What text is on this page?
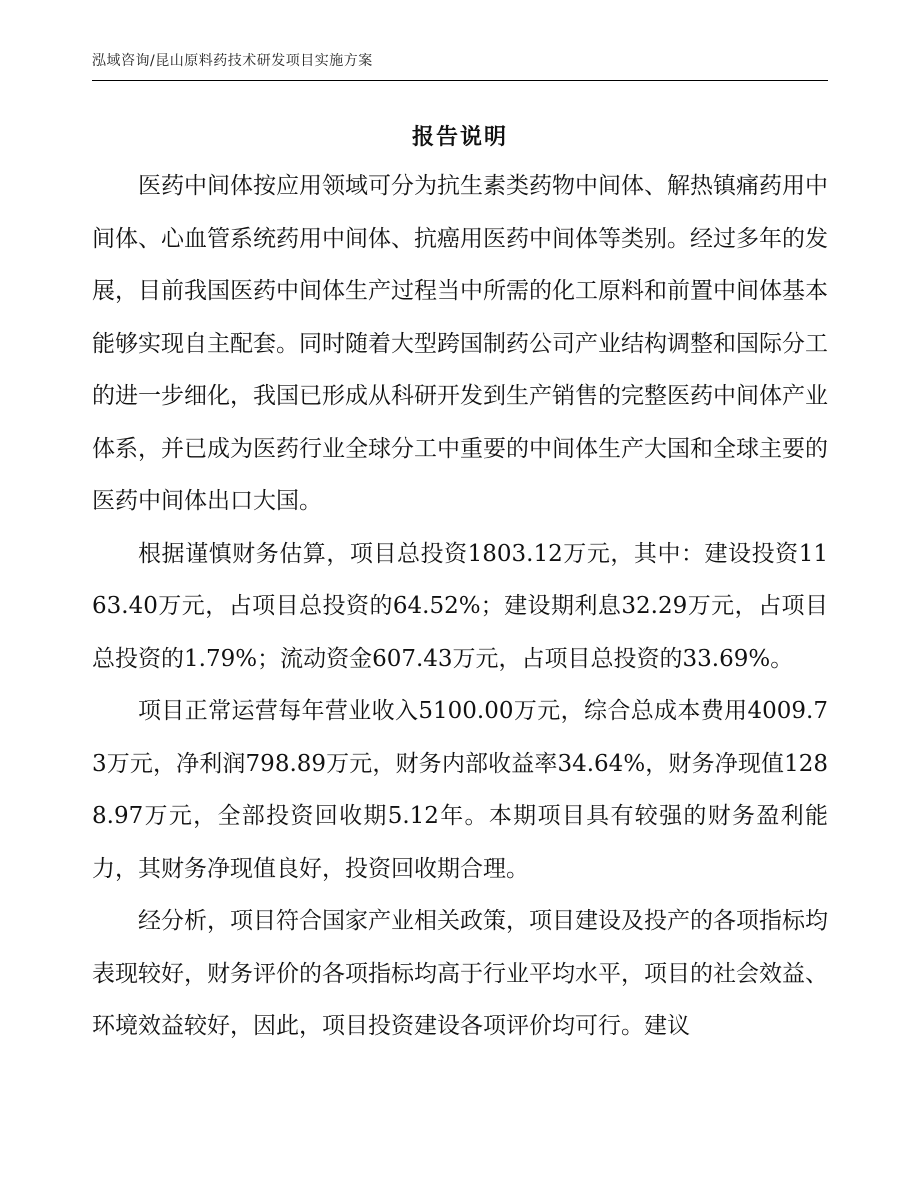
泓域咨询/昆山原料药技术研发项目实施方案
报告说明

医药中间体按应用领域可分为抗生素类药物中间体、解热镇痛药用中间体、心血管系统药用中间体、抗癌用医药中间体等类别。经过多年的发展，目前我国医药中间体生产过程当中所需的化工原料和前置中间体基本能够实现自主配套。同时随着大型跨国制药公司产业结构调整和国际分工的进一步细化，我国已形成从科研开发到生产销售的完整医药中间体产业体系，并已成为医药行业全球分工中重要的中间体生产大国和全球主要的医药中间体出口大国。

根据谨慎财务估算，项目总投资1803.12万元，其中：建设投资1163.40万元，占项目总投资的64.52%；建设期利息32.29万元，占项目总投资的1.79%；流动资金607.43万元，占项目总投资的33.69%。

项目正常运营每年营业收入5100.00万元，综合总成本费用4009.73万元，净利润798.89万元，财务内部收益率34.64%，财务净现值1288.97万元，全部投资回收期5.12年。本期项目具有较强的财务盈利能力，其财务净现值良好，投资回收期合理。

经分析，项目符合国家产业相关政策，项目建设及投产的各项指标均表现较好，财务评价的各项指标均高于行业平均水平，项目的社会效益、环境效益较好，因此，项目投资建设各项评价均可行。建议
